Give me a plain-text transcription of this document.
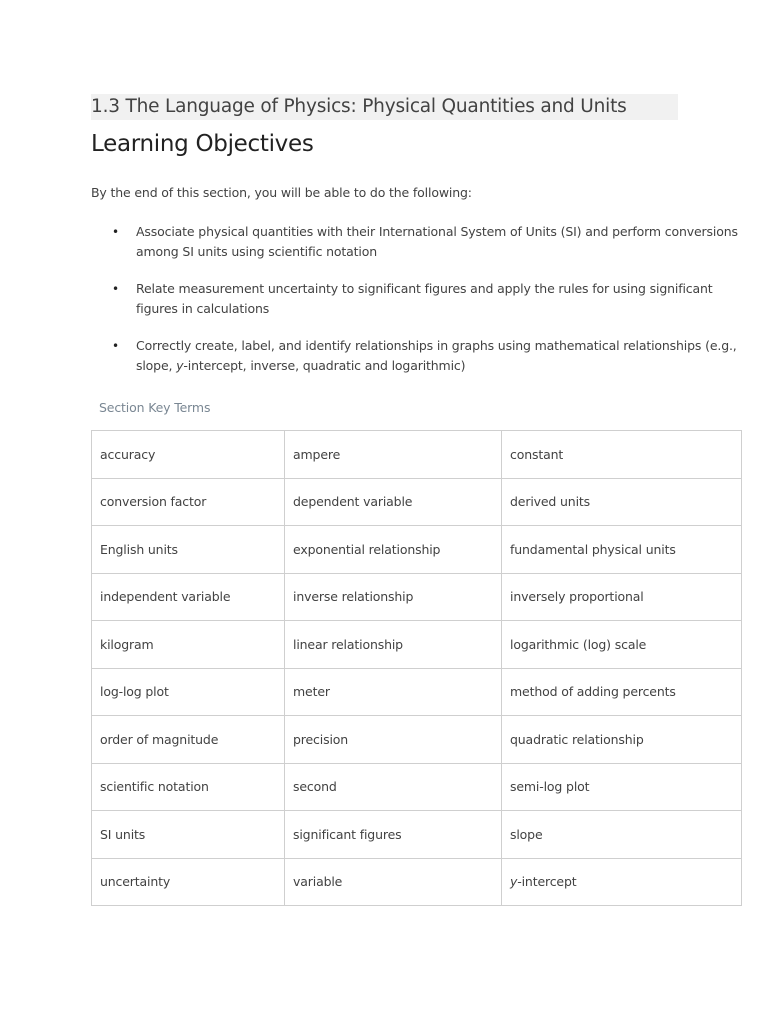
1.3 The Language of Physics: Physical Quantities and Units
Learning Objectives

By the end of this section, you will be able to do the following:

• Associate physical quantities with their International System of Units (SI) and perform conversions among SI units using scientific notation
• Relate measurement uncertainty to significant figures and apply the rules for using significant figures in calculations
• Correctly create, label, and identify relationships in graphs using mathematical relationships (e.g., slope, y-intercept, inverse, quadratic and logarithmic)
Section Key Terms
accuracy	ampere	constant
conversion factor	dependent variable	derived units
English units	exponential relationship	fundamental physical units
independent variable	inverse relationship	inversely proportional
kilogram	linear relationship	logarithmic (log) scale
log-log plot	meter	method of adding percents
order of magnitude	precision	quadratic relationship
scientific notation	second	semi-log plot
SI units	significant figures	slope
uncertainty	variable	y-intercept
